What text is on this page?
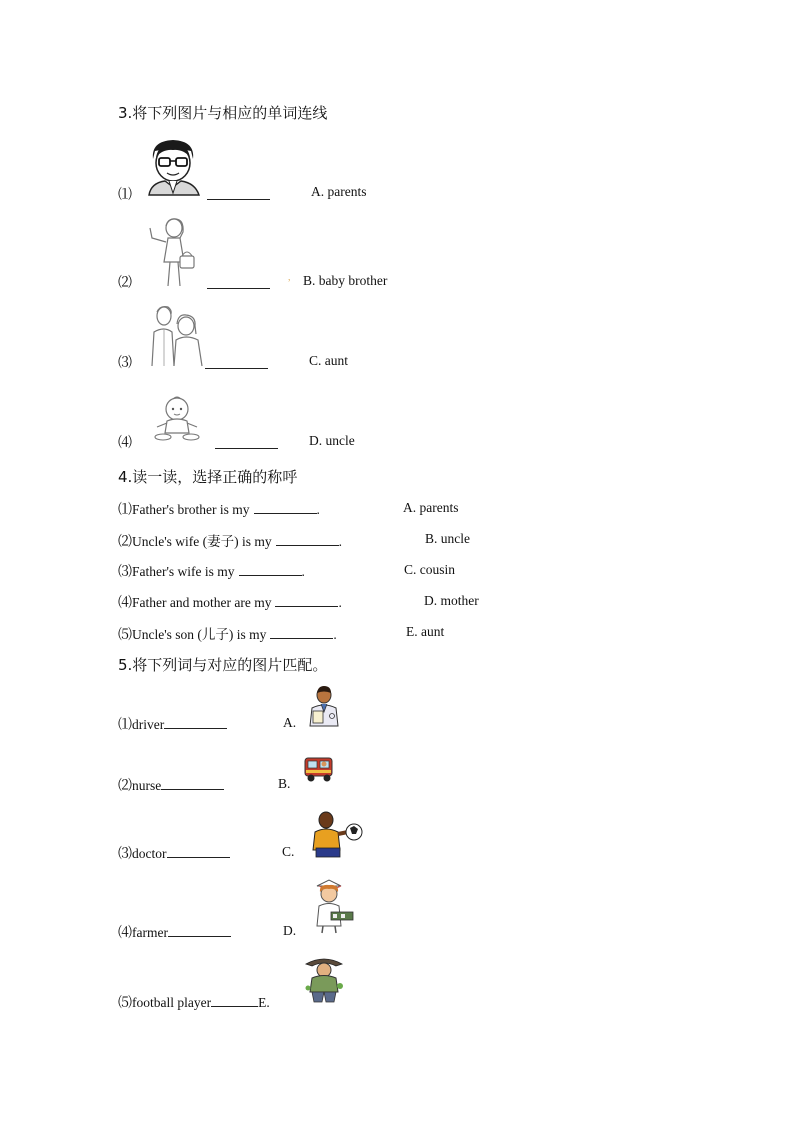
3.将下列图片与相应的单词连线
⑴	A. parents
⑵	, B. baby brother
⑶	C. aunt
⑷	D. uncle
4.读一读，选择正确的称呼
⑴Father's brother is my	.	A. parents
⑵Uncle's wife (妻子) is my	.	B. uncle
⑶Father's wife is my	.	C. cousin
⑷Father and mother are my	.	D. mother
⑸Uncle's son (儿子) is my	.	E. aunt
5.将下列词与对应的图片匹配。
⑴driver	A.
⑵nurse	B.
⑶doctor	C.
⑷farmer	D.
⑸football player	E.
